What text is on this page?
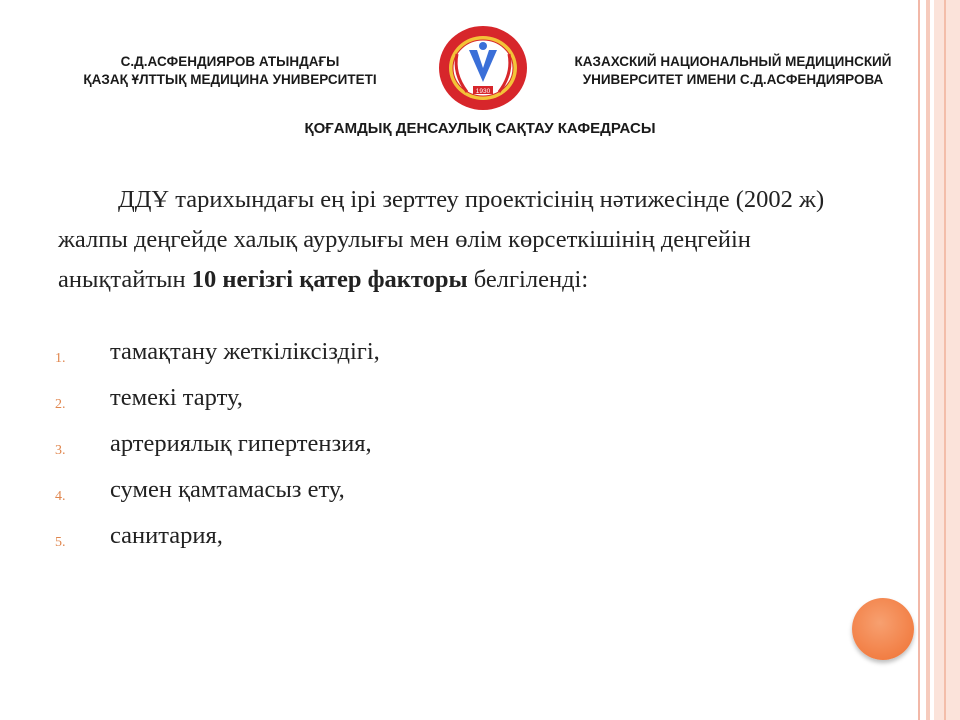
С.Д.АСФЕНДИЯРОВ АТЫНДАҒЫ
ҚАЗАҚ ҰЛТТЫҚ МЕДИЦИНА УНИВЕРСИТЕТІ
1930
КАЗАХСКИЙ НАЦИОНАЛЬНЫЙ МЕДИЦИНСКИЙ
УНИВЕРСИТЕТ ИМЕНИ С.Д.АСФЕНДИЯРОВА
ҚОҒАМДЫҚ ДЕНСАУЛЫҚ САҚТАУ КАФЕДРАСЫ
ДДҰ тарихындағы ең ірі зерттеу проектісінің нәтижесінде (2002 ж) жалпы деңгейде халық аурулығы мен өлім көрсеткішінің деңгейін анықтайтын 10 негізгі қатер факторы белгіленді:
1.	тамақтану жеткіліксіздігі,
2.	темекі тарту,
3.	артериялық гипертензия,
4.	сумен қамтамасыз ету,
5.	санитария,
